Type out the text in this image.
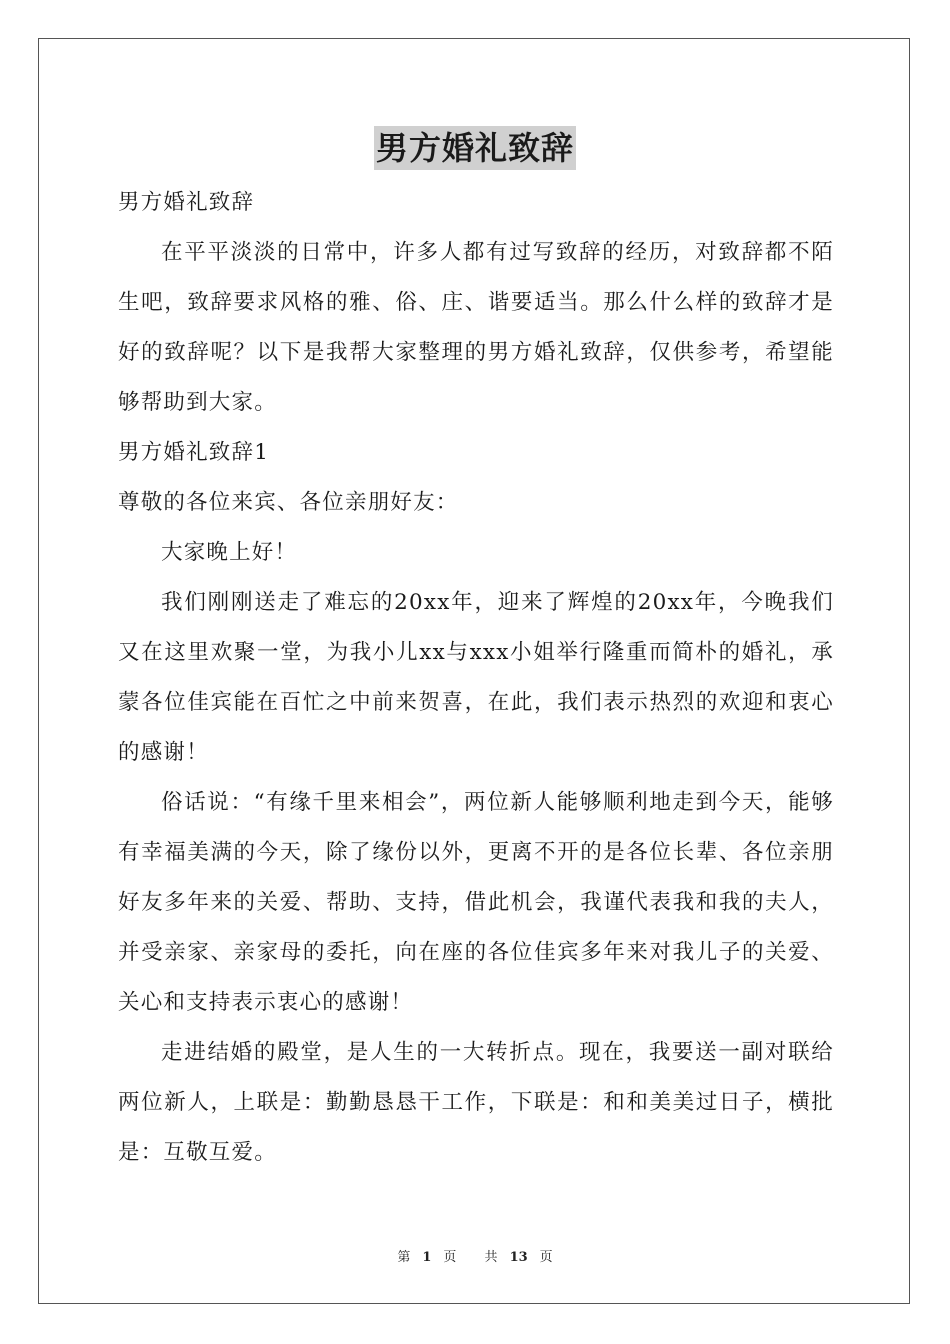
男方婚礼致辞

男方婚礼致辞

在平平淡淡的日常中，许多人都有过写致辞的经历，对致辞都不陌生吧，致辞要求风格的雅、俗、庄、谐要适当。那么什么样的致辞才是好的致辞呢？以下是我帮大家整理的男方婚礼致辞，仅供参考，希望能够帮助到大家。

男方婚礼致辞1

尊敬的各位来宾、各位亲朋好友：

大家晚上好！

我们刚刚送走了难忘的20xx年，迎来了辉煌的20xx年，今晚我们又在这里欢聚一堂，为我小儿xx与xxx小姐举行隆重而简朴的婚礼，承蒙各位佳宾能在百忙之中前来贺喜，在此，我们表示热烈的欢迎和衷心的感谢！

俗话说：“有缘千里来相会”，两位新人能够顺利地走到今天，能够有幸福美满的今天，除了缘份以外，更离不开的是各位长辈、各位亲朋好友多年来的关爱、帮助、支持，借此机会，我谨代表我和我的夫人，并受亲家、亲家母的委托，向在座的各位佳宾多年来对我儿子的关爱、关心和支持表示衷心的感谢！

走进结婚的殿堂，是人生的一大转折点。现在，我要送一副对联给两位新人，上联是：勤勤恳恳干工作，下联是：和和美美过日子，横批是：互敬互爱。

第 1 页 共 13 页
